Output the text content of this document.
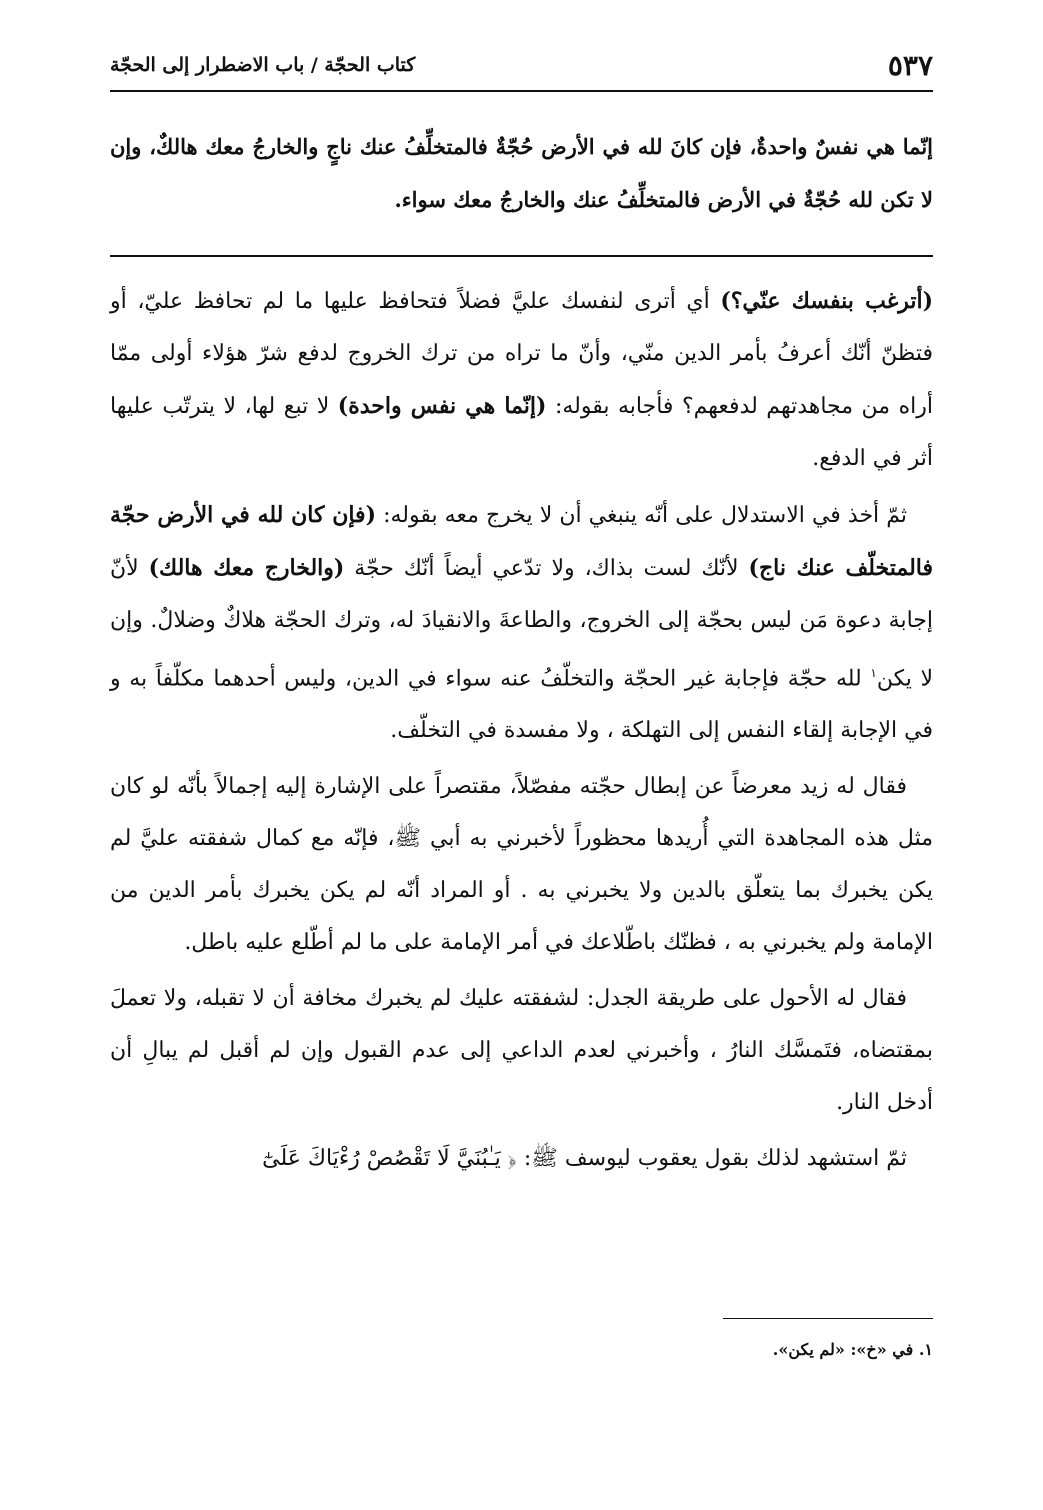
كتاب الحجّة / باب الاضطرار إلى الحجّة	٥٣٧
إنّما هي نفسٌ واحدةٌ، فإن كانَ لله في الأرض حُجّةٌ فالمتخلِّفُ عنك ناجٍ والخارجُ معك هالكٌ، وإن لا تكن لله حُجّةٌ في الأرض فالمتخلِّفُ عنك والخارجُ معك سواء.

(أترغب بنفسك عنّي؟) أي أترى لنفسك عليَّ فضلاً فتحافظ عليها ما لم تحافظ عليّ، أو فتظنّ أنّك أعرفُ بأمر الدين منّي، وأنّ ما تراه من ترك الخروج لدفع شرّ هؤلاء أولى ممّا أراه من مجاهدتهم لدفعهم؟ فأجابه بقوله: (إنّما هي نفس واحدة) لا تبع لها، لا يترتّب عليها أثر في الدفع.

ثمّ أخذ في الاستدلال على أنّه ينبغي أن لا يخرج معه بقوله: (فإن كان لله في الأرض حجّة فالمتخلّف عنك ناج) لأنّك لست بذاك، ولا تدّعي أيضاً أنّك حجّة (والخارج معك هالك) لأنّ إجابة دعوة مَن ليس بحجّة إلى الخروج، والطاعةَ والانقيادَ له، وترك الحجّة هلاكٌ وضلالٌ. وإن لا يكن$^١$ لله حجّة فإجابة غير الحجّة والتخلّفُ عنه سواء في الدين، وليس أحدهما مكلّفاً به و في الإجابة إلقاء النفس إلى التهلكة ، ولا مفسدة في التخلّف.

فقال له زيد معرضاً عن إبطال حجّته مفصّلاً، مقتصراً على الإشارة إليه إجمالاً بأنّه لو كان مثل هذه المجاهدة التي أُريدها محظوراً لأخبرني به أبي ﷺ، فإنّه مع كمال شفقته عليَّ لم يكن يخبرك بما يتعلّق بالدين ولا يخبرني به . أو المراد أنّه لم يكن يخبرك بأمر الدين من الإمامة ولم يخبرني به ، فظنّك باطّلاعك في أمر الإمامة على ما لم أطّلع عليه باطل.

فقال له الأحول على طريقة الجدل: لشفقته عليك لم يخبرك مخافة أن لا تقبله، ولا تعملَ بمقتضاه، فتَمسَّك النارُ ، وأخبرني لعدم الداعي إلى عدم القبول وإن لم أقبل لم يبالِ أن أدخل النار.

ثمّ استشهد لذلك بقول يعقوب ليوسف ﷺ: ﴿ يَـٰبُنَيَّ لَا تَقْصُصْ رُءْيَاكَ عَلَىٰٓ

١. في «خ»: «لم يكن».
